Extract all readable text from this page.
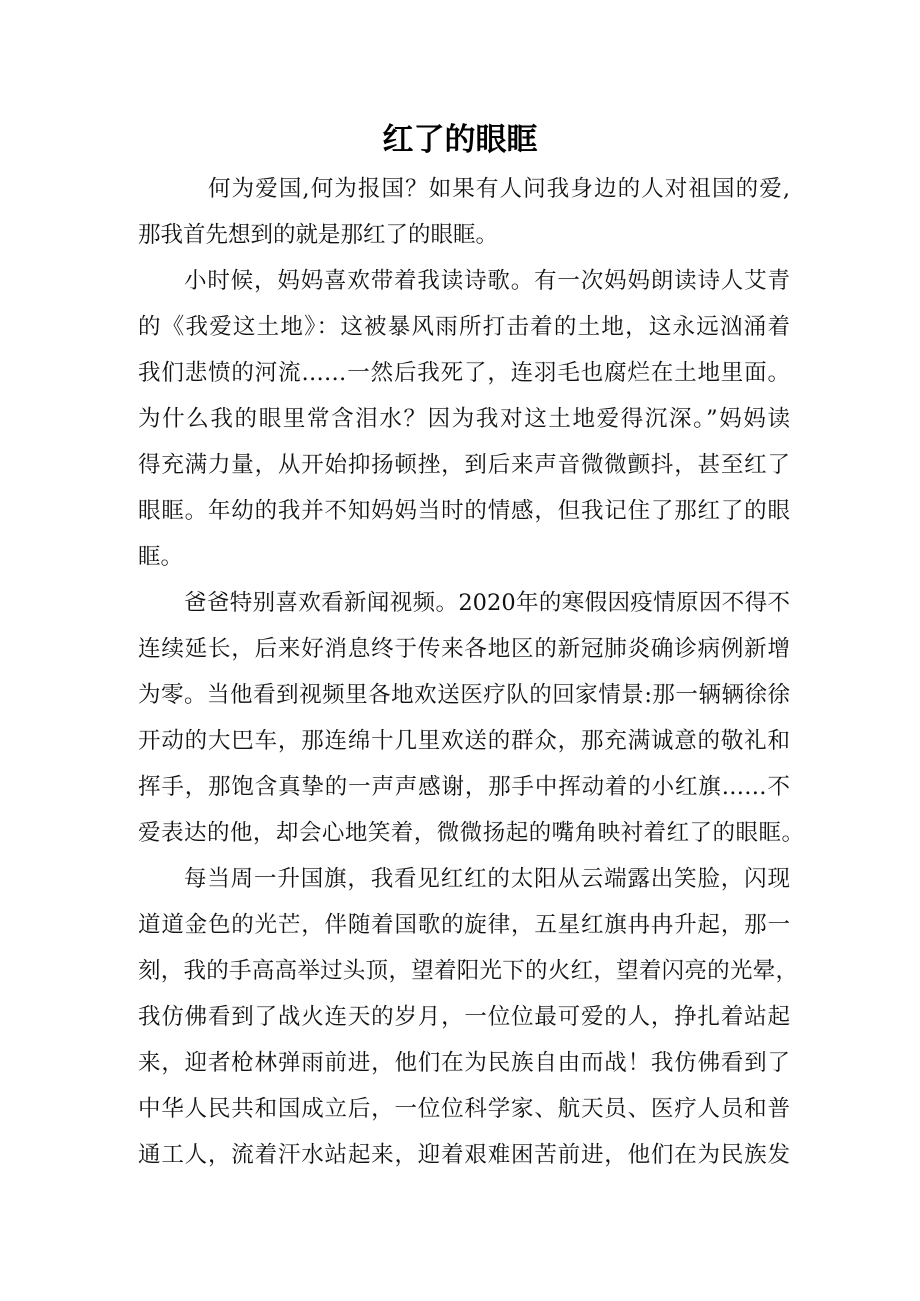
红了的眼眶

何为爱国,何为报国？如果有人问我身边的人对祖国的爱,

那我首先想到的就是那红了的眼眶。

小时候，妈妈喜欢带着我读诗歌。有一次妈妈朗读诗人艾青

的《我爱这土地》：这被暴风雨所打击着的土地，这永远汹涌着

我们悲愤的河流……一然后我死了，连羽毛也腐烂在土地里面。

为什么我的眼里常含泪水？因为我对这土地爱得沉深。”妈妈读

得充满力量，从开始抑扬顿挫，到后来声音微微颤抖，甚至红了

眼眶。年幼的我并不知妈妈当时的情感，但我记住了那红了的眼

眶。

爸爸特别喜欢看新闻视频。2020年的寒假因疫情原因不得不

连续延长，后来好消息终于传来各地区的新冠肺炎确诊病例新增

为零。当他看到视频里各地欢送医疗队的回家情景:那一辆辆徐徐

开动的大巴车，那连绵十几里欢送的群众，那充满诚意的敬礼和

挥手，那饱含真挚的一声声感谢，那手中挥动着的小红旗……不

爱表达的他，却会心地笑着，微微扬起的嘴角映衬着红了的眼眶。

每当周一升国旗，我看见红红的太阳从云端露出笑脸，闪现

道道金色的光芒，伴随着国歌的旋律，五星红旗冉冉升起，那一

刻，我的手高高举过头顶，望着阳光下的火红，望着闪亮的光晕，

我仿佛看到了战火连天的岁月，一位位最可爱的人，挣扎着站起

来，迎者枪林弹雨前进，他们在为民族自由而战！我仿佛看到了

中华人民共和国成立后，一位位科学家、航天员、医疗人员和普

通工人，流着汗水站起来，迎着艰难困苦前进，他们在为民族发
